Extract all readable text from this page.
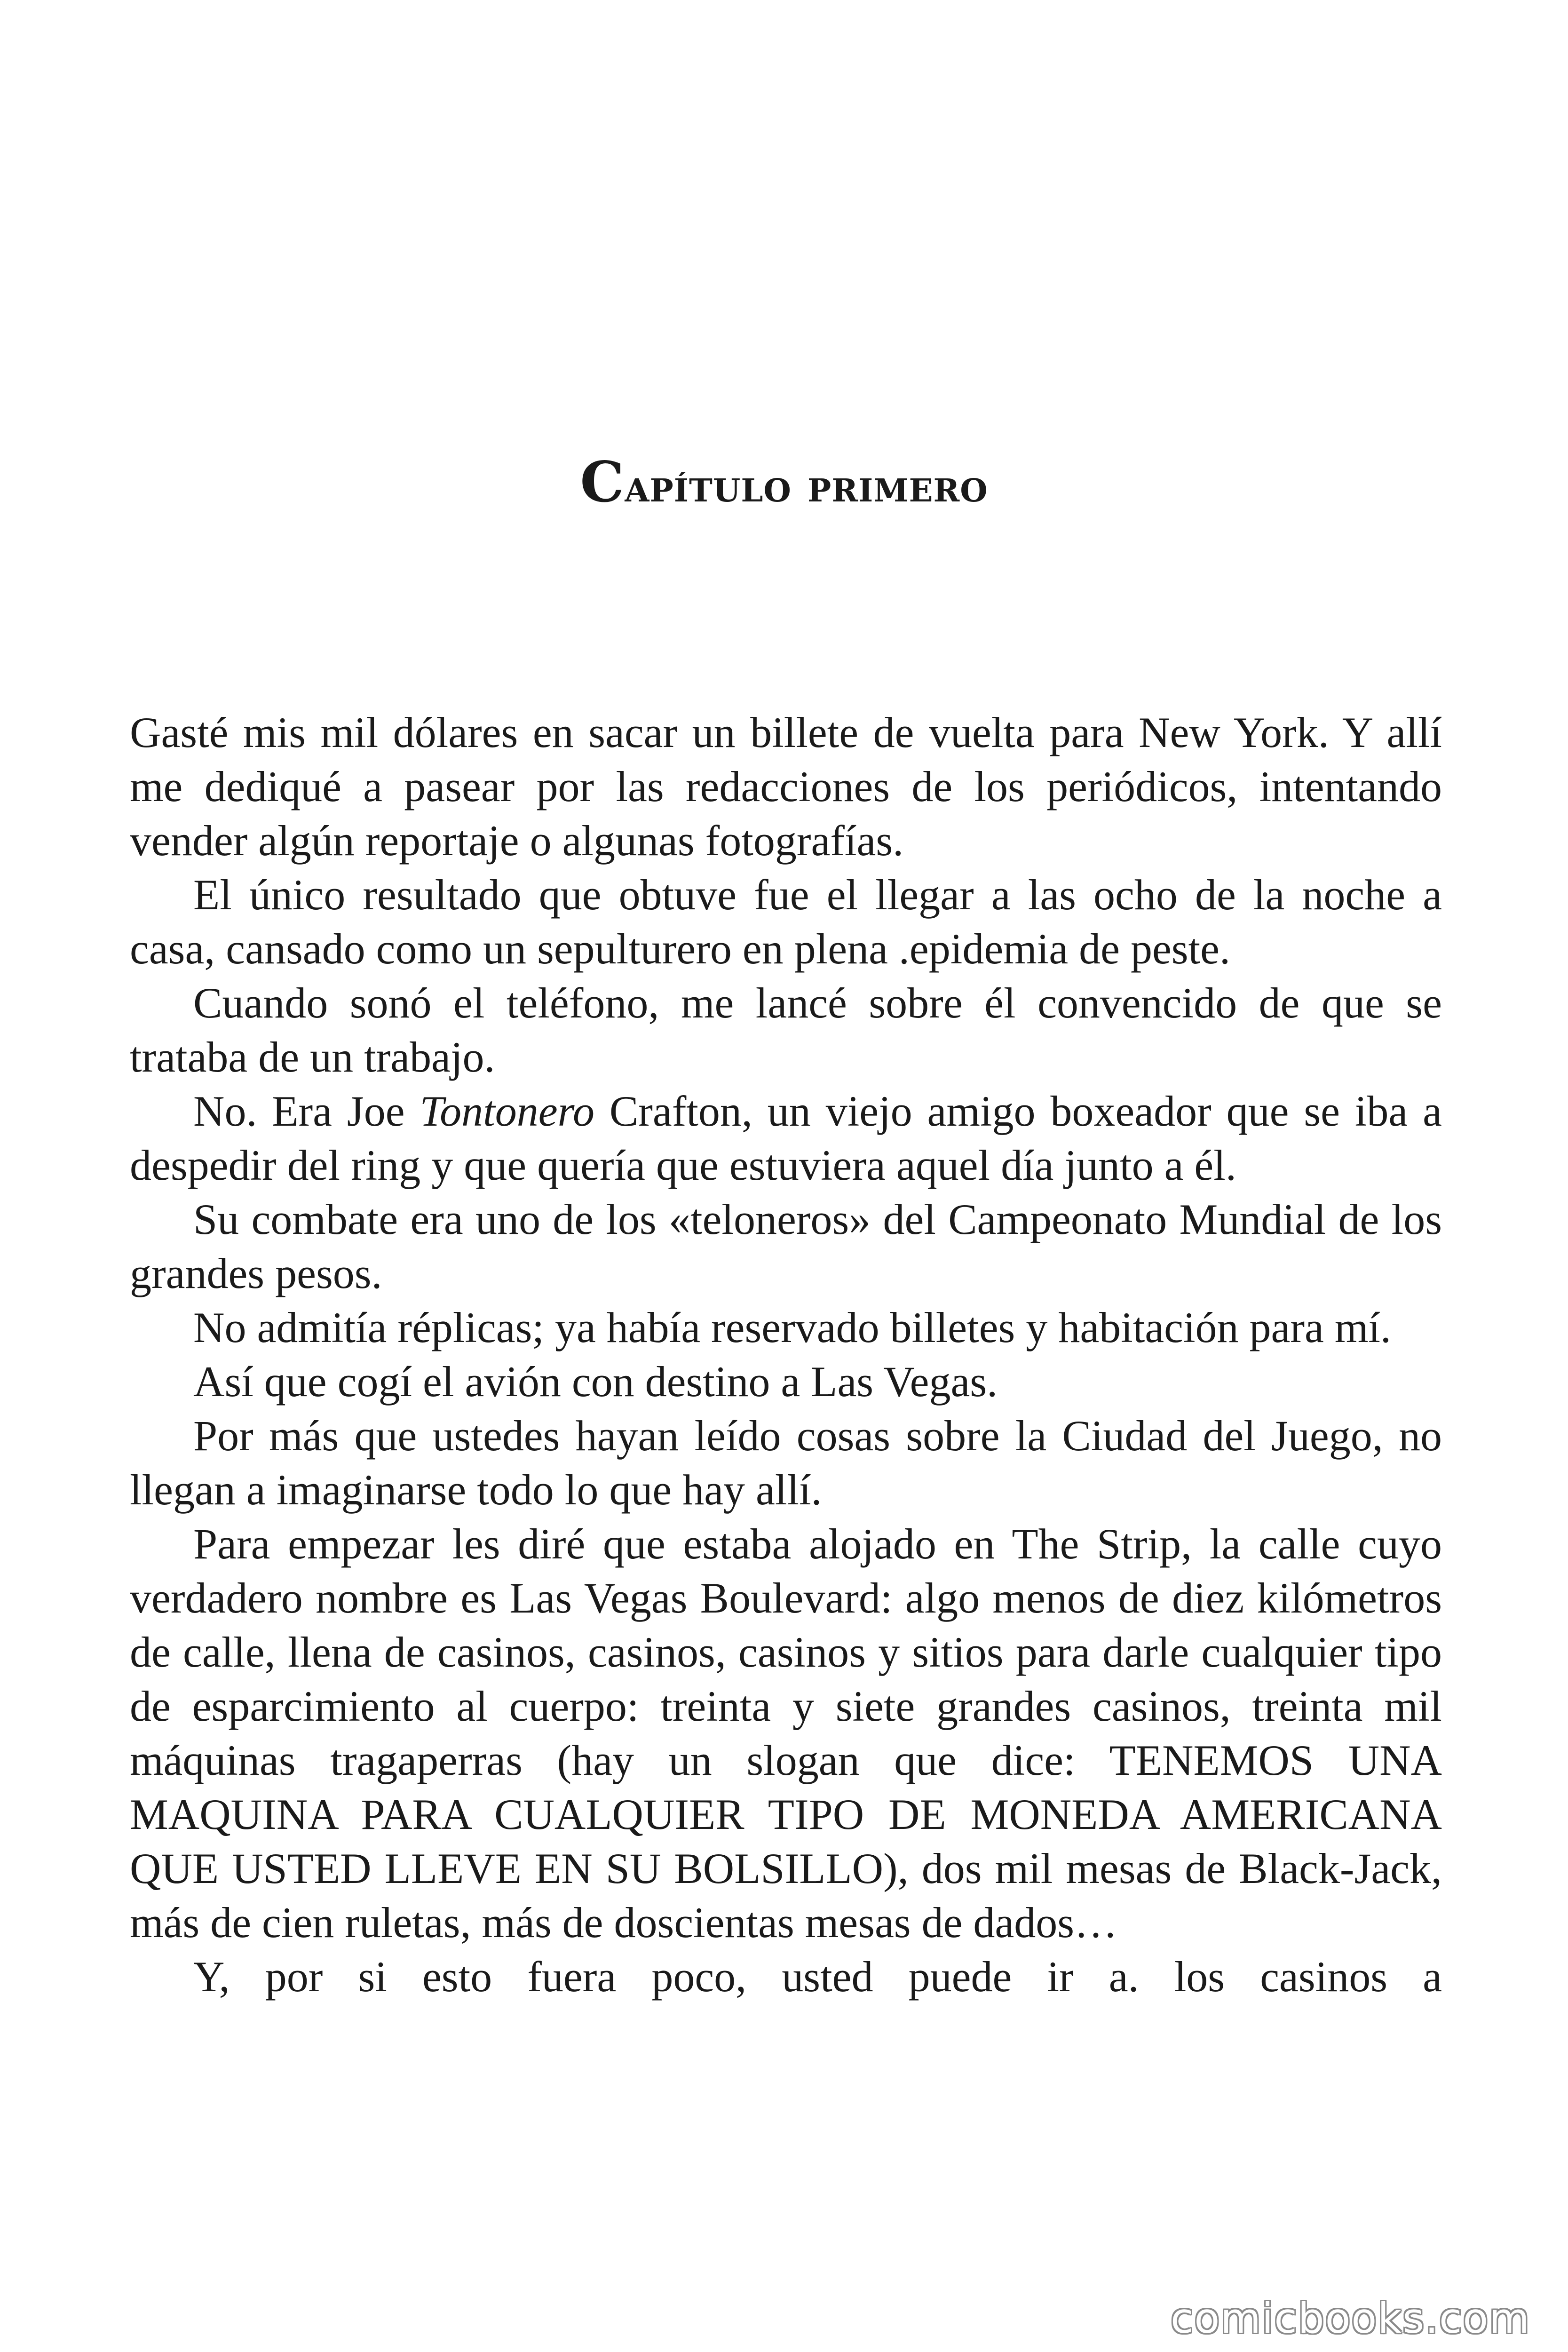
Capítulo primero

Gasté mis mil dólares en sacar un billete de vuelta para New York. Y allí me dediqué a pasear por las redacciones de los periódicos, intentando vender algún reportaje o algunas fotografías.

El único resultado que obtuve fue el llegar a las ocho de la noche a casa, cansado como un sepulturero en plena .epidemia de peste.

Cuando sonó el teléfono, me lancé sobre él convencido de que se trataba de un trabajo.

No. Era Joe Tontonero Crafton, un viejo amigo boxeador que se iba a despedir del ring y que quería que estuviera aquel día junto a él.

Su combate era uno de los «teloneros» del Campeonato Mundial de los grandes pesos.

No admitía réplicas; ya había reservado billetes y habitación para mí.

Así que cogí el avión con destino a Las Vegas.

Por más que ustedes hayan leído cosas sobre la Ciudad del Juego, no llegan a imaginarse todo lo que hay allí.

Para empezar les diré que estaba alojado en The Strip, la calle cuyo verdadero nombre es Las Vegas Boulevard: algo menos de diez kilómetros de calle, llena de casinos, casinos, casinos y sitios para darle cualquier tipo de esparcimiento al cuerpo: treinta y siete grandes casinos, treinta mil máquinas tragaperras (hay un slogan que dice: TENEMOS UNA MAQUINA PARA CUALQUIER TIPO DE MONEDA AMERICANA QUE USTED LLEVE EN SU BOLSILLO), dos mil mesas de Black-Jack, más de cien ruletas, más de doscientas mesas de dados…

Y, por si esto fuera poco, usted puede ir a. los casinos a

comicbooks.com
